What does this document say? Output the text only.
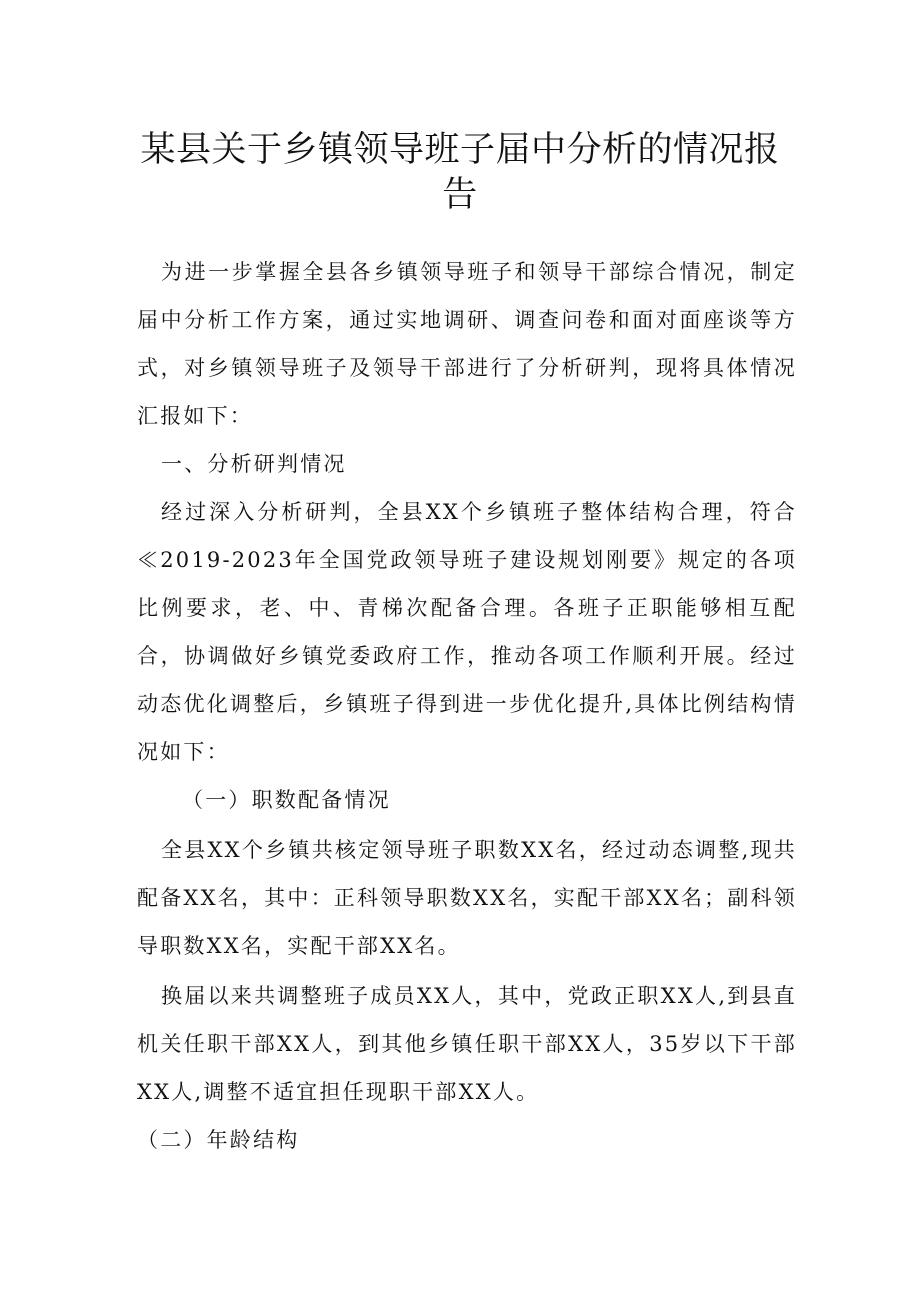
某县关于乡镇领导班子届中分析的情况报
告

为进一步掌握全县各乡镇领导班子和领导干部综合情况，制定届中分析工作方案，通过实地调研、调查问卷和面对面座谈等方式，对乡镇领导班子及领导干部进行了分析研判，现将具体情况汇报如下：

一、分析研判情况

经过深入分析研判，全县XX个乡镇班子整体结构合理，符合≪2019-2023年全国党政领导班子建设规划刚要》规定的各项比例要求，老、中、青梯次配备合理。各班子正职能够相互配合，协调做好乡镇党委政府工作，推动各项工作顺利开展。经过动态优化调整后，乡镇班子得到进一步优化提升,具体比例结构情况如下：

（一）职数配备情况

全县XX个乡镇共核定领导班子职数XX名，经过动态调整,现共配备XX名，其中：正科领导职数XX名，实配干部XX名；副科领导职数XX名，实配干部XX名。

换届以来共调整班子成员XX人，其中，党政正职XX人,到县直机关任职干部XX人，到其他乡镇任职干部XX人，35岁以下干部XX人,调整不适宜担任现职干部XX人。

（二）年龄结构
